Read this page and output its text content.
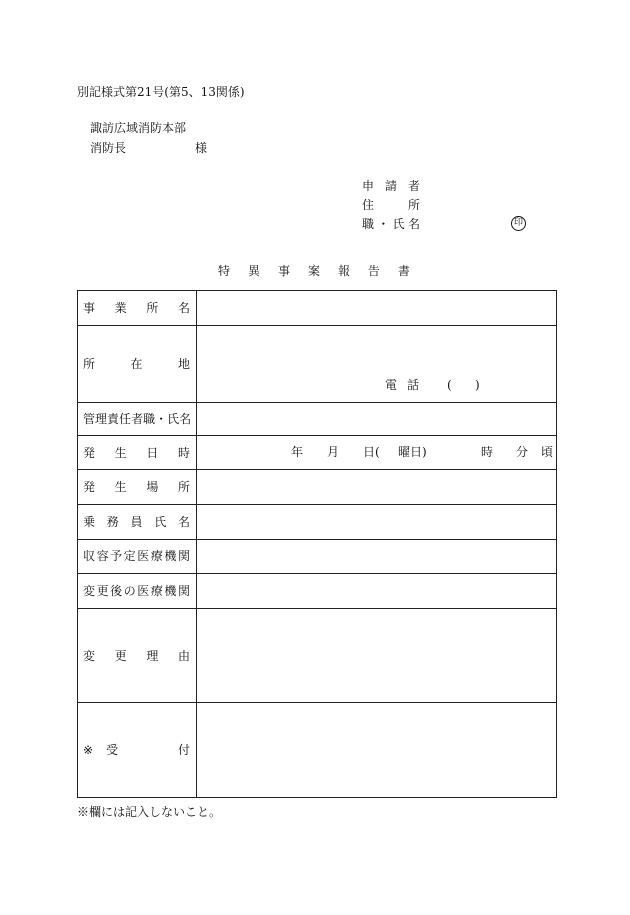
別記様式第21号(第5、13関係)
諏訪広域消防本部
消防長	様
申 請 者
住	所
職 ・ 氏 名	印
特 異 事 案 報 告 書
事 業 所 名
所	在	地
電 話 ( )
管 理 責 任 者 職 ・ 氏 名
発 生 日 時	年 月 日( 曜日)	時 分 頃
発 生 場 所
乗 務 員 氏 名
収 容 予 定 医 療 機 関
変 更 後 の 医 療 機 関
変 更 理 由
※ 受	付
※欄には記入しないこと。
